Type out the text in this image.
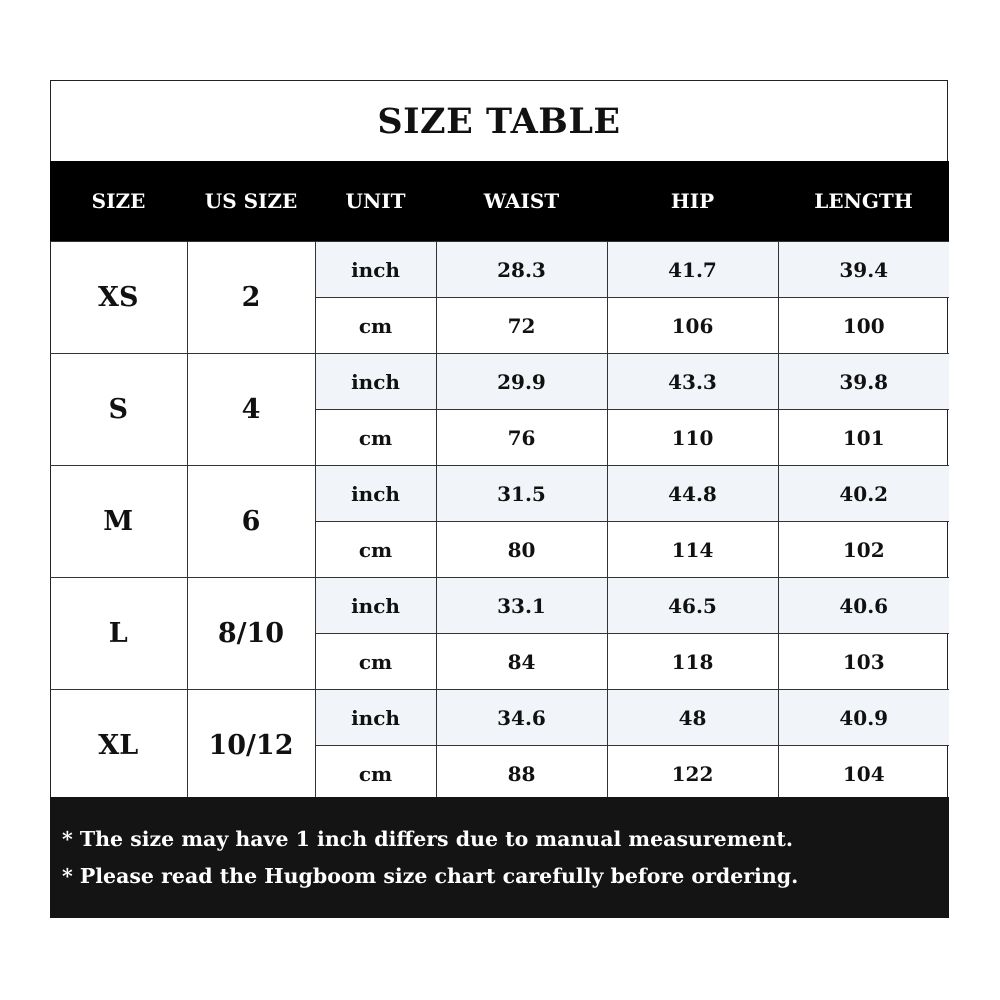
SIZE TABLE
SIZE	US SIZE	UNIT	WAIST	HIP	LENGTH
XS	2	inch	28.3	41.7	39.4
		cm	72	106	100
S	4	inch	29.9	43.3	39.8
		cm	76	110	101
M	6	inch	31.5	44.8	40.2
		cm	80	114	102
L	8/10	inch	33.1	46.5	40.6
		cm	84	118	103
XL	10/12	inch	34.6	48	40.9
		cm	88	122	104

* The size may have 1 inch differs due to manual measurement.

* Please read the Hugboom size chart carefully before ordering.
